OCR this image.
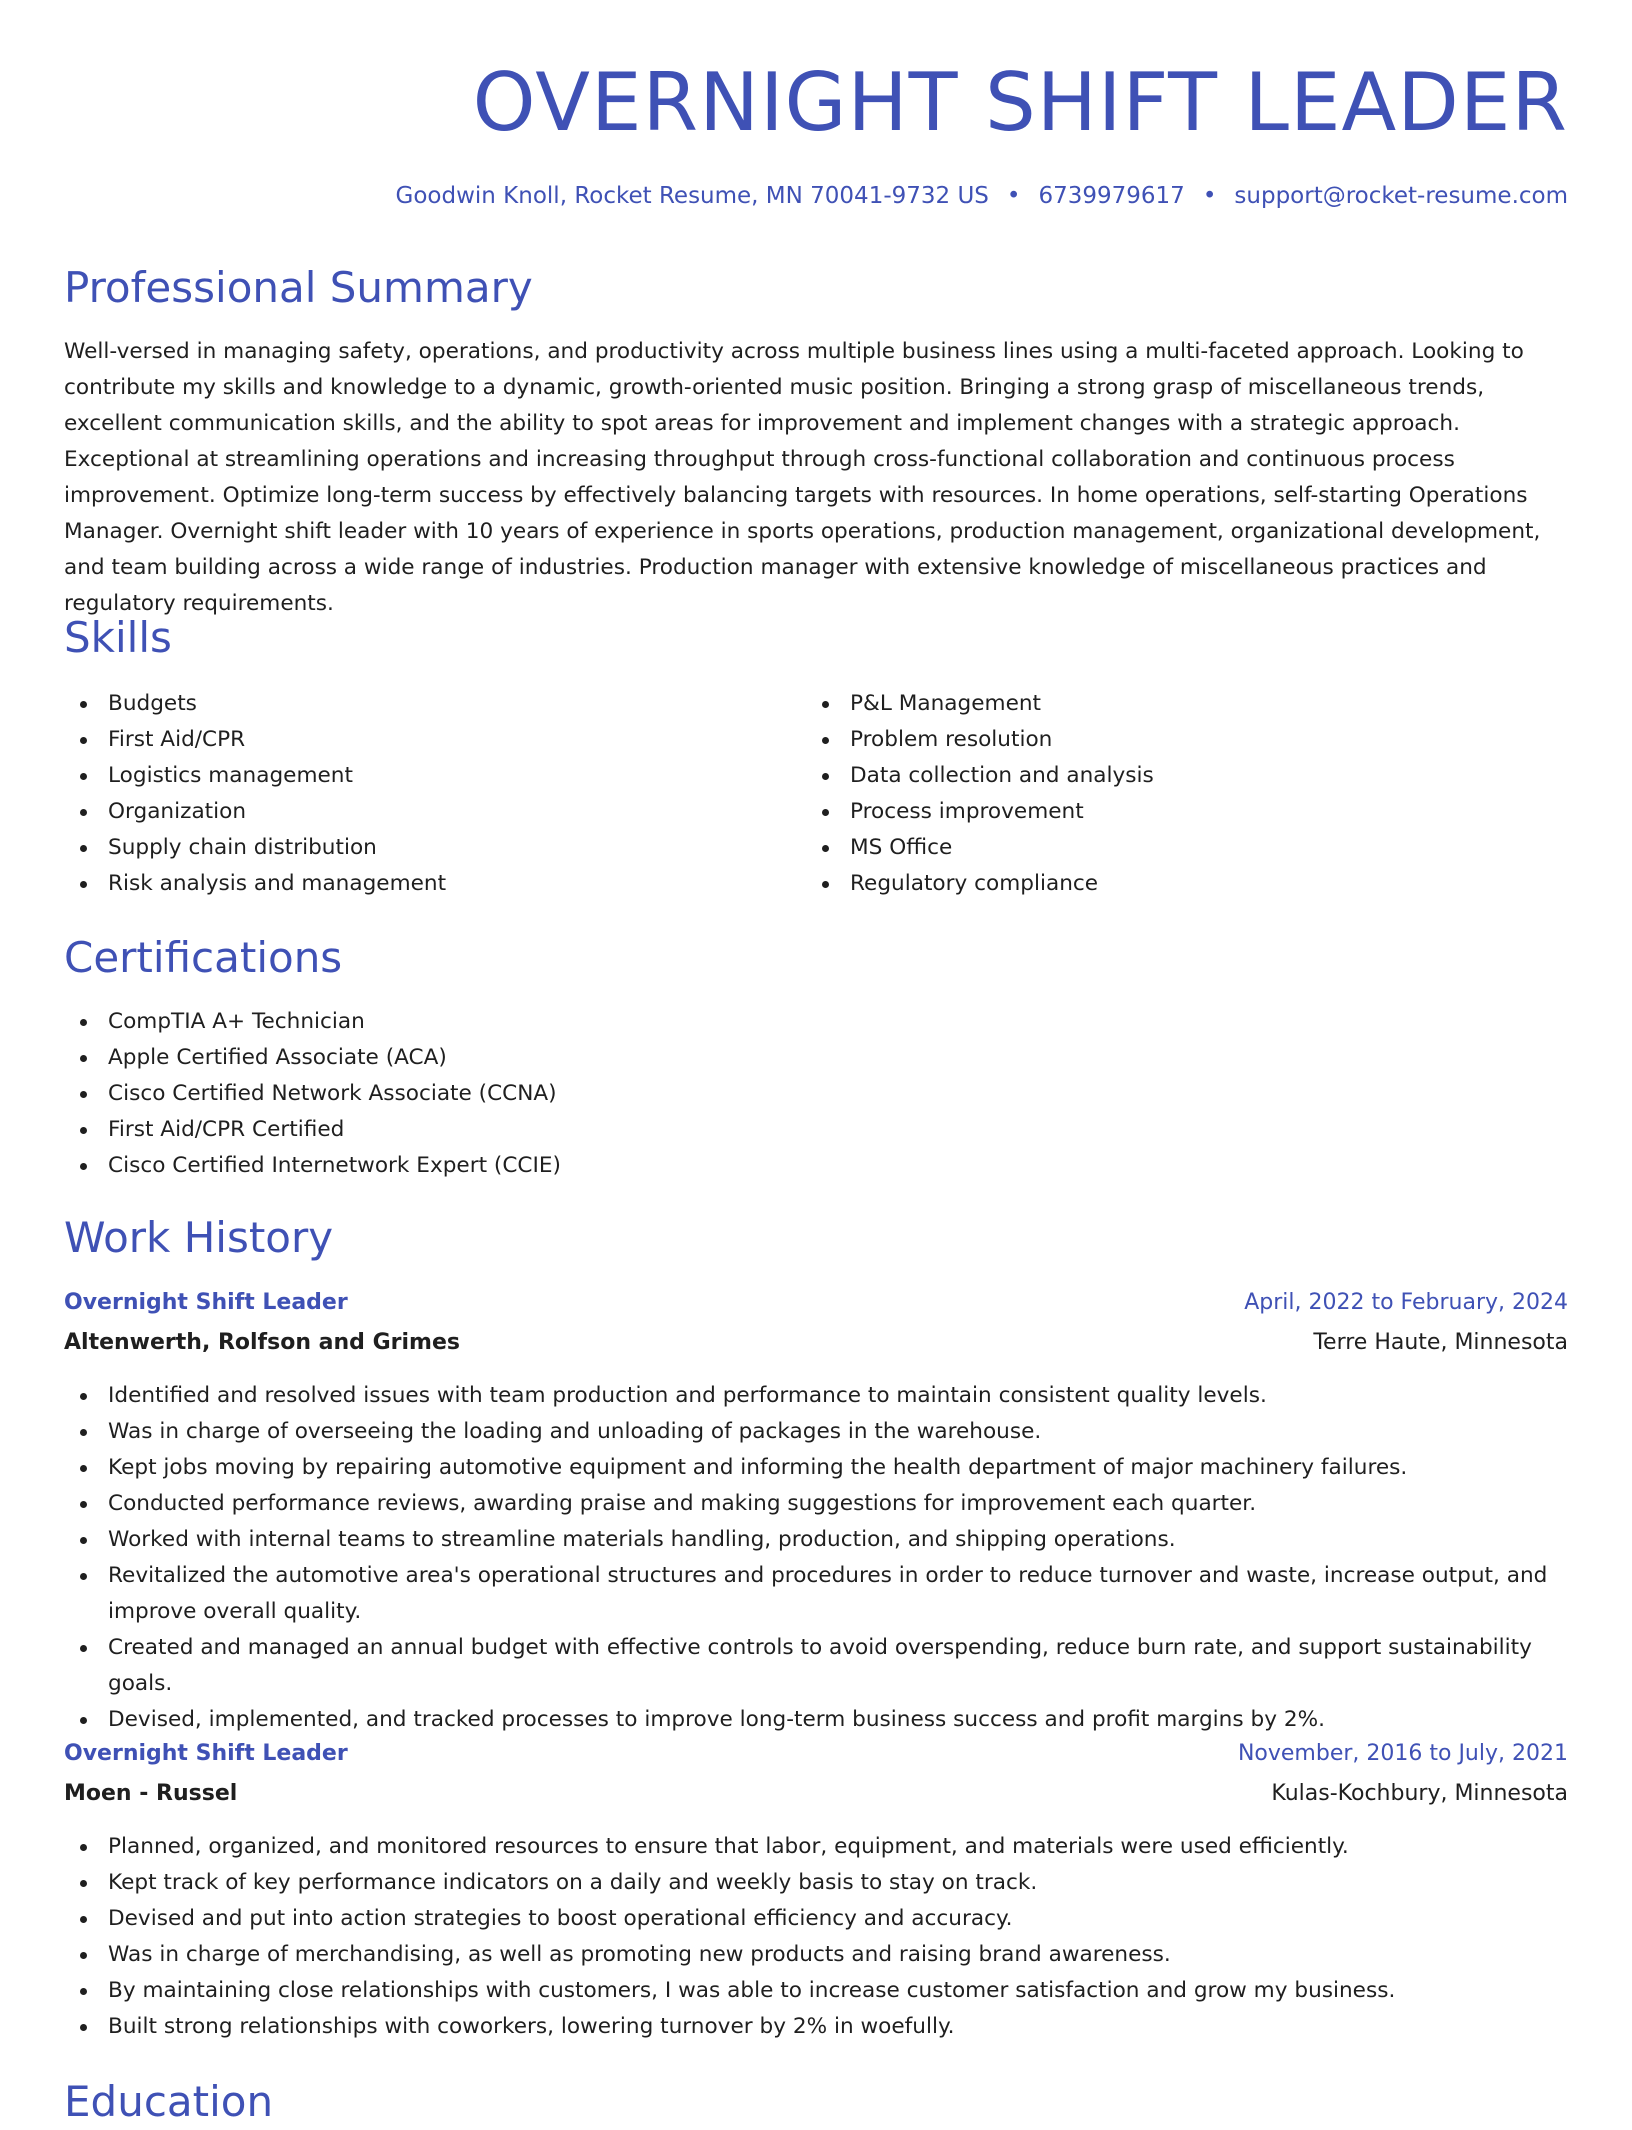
OVERNIGHT SHIFT LEADER
Goodwin Knoll, Rocket Resume, MN 70041-9732 US • 6739979617 • support@rocket-resume.com
Professional Summary

Well-versed in managing safety, operations, and productivity across multiple business lines using a multi-faceted approach. Looking to contribute my skills and knowledge to a dynamic, growth-oriented music position. Bringing a strong grasp of miscellaneous trends, excellent communication skills, and the ability to spot areas for improvement and implement changes with a strategic approach. Exceptional at streamlining operations and increasing throughput through cross-functional collaboration and continuous process improvement. Optimize long-term success by effectively balancing targets with resources. In home operations, self-starting Operations Manager. Overnight shift leader with 10 years of experience in sports operations, production management, organizational development, and team building across a wide range of industries. Production manager with extensive knowledge of miscellaneous practices and regulatory requirements.

Skills
Budgets
First Aid/CPR
Logistics management
Organization
Supply chain distribution
Risk analysis and management
P&L Management
Problem resolution
Data collection and analysis
Process improvement
MS Office
Regulatory compliance
Certifications
CompTIA A+ Technician
Apple Certified Associate (ACA)
Cisco Certified Network Associate (CCNA)
First Aid/CPR Certified
Cisco Certified Internetwork Expert (CCIE)
Work History
Overnight Shift Leader	April, 2022 to February, 2024
Altenwerth, Rolfson and Grimes	Terre Haute, Minnesota
Identified and resolved issues with team production and performance to maintain consistent quality levels.
Was in charge of overseeing the loading and unloading of packages in the warehouse.
Kept jobs moving by repairing automotive equipment and informing the health department of major machinery failures.
Conducted performance reviews, awarding praise and making suggestions for improvement each quarter.
Worked with internal teams to streamline materials handling, production, and shipping operations.
Revitalized the automotive area's operational structures and procedures in order to reduce turnover and waste, increase output, and improve overall quality.
Created and managed an annual budget with effective controls to avoid overspending, reduce burn rate, and support sustainability goals.
Devised, implemented, and tracked processes to improve long-term business success and profit margins by 2%.
Overnight Shift Leader	November, 2016 to July, 2021
Moen - Russel	Kulas-Kochbury, Minnesota
Planned, organized, and monitored resources to ensure that labor, equipment, and materials were used efficiently.
Kept track of key performance indicators on a daily and weekly basis to stay on track.
Devised and put into action strategies to boost operational efficiency and accuracy.
Was in charge of merchandising, as well as promoting new products and raising brand awareness.
By maintaining close relationships with customers, I was able to increase customer satisfaction and grow my business.
Built strong relationships with coworkers, lowering turnover by 2% in woefully.
Education
